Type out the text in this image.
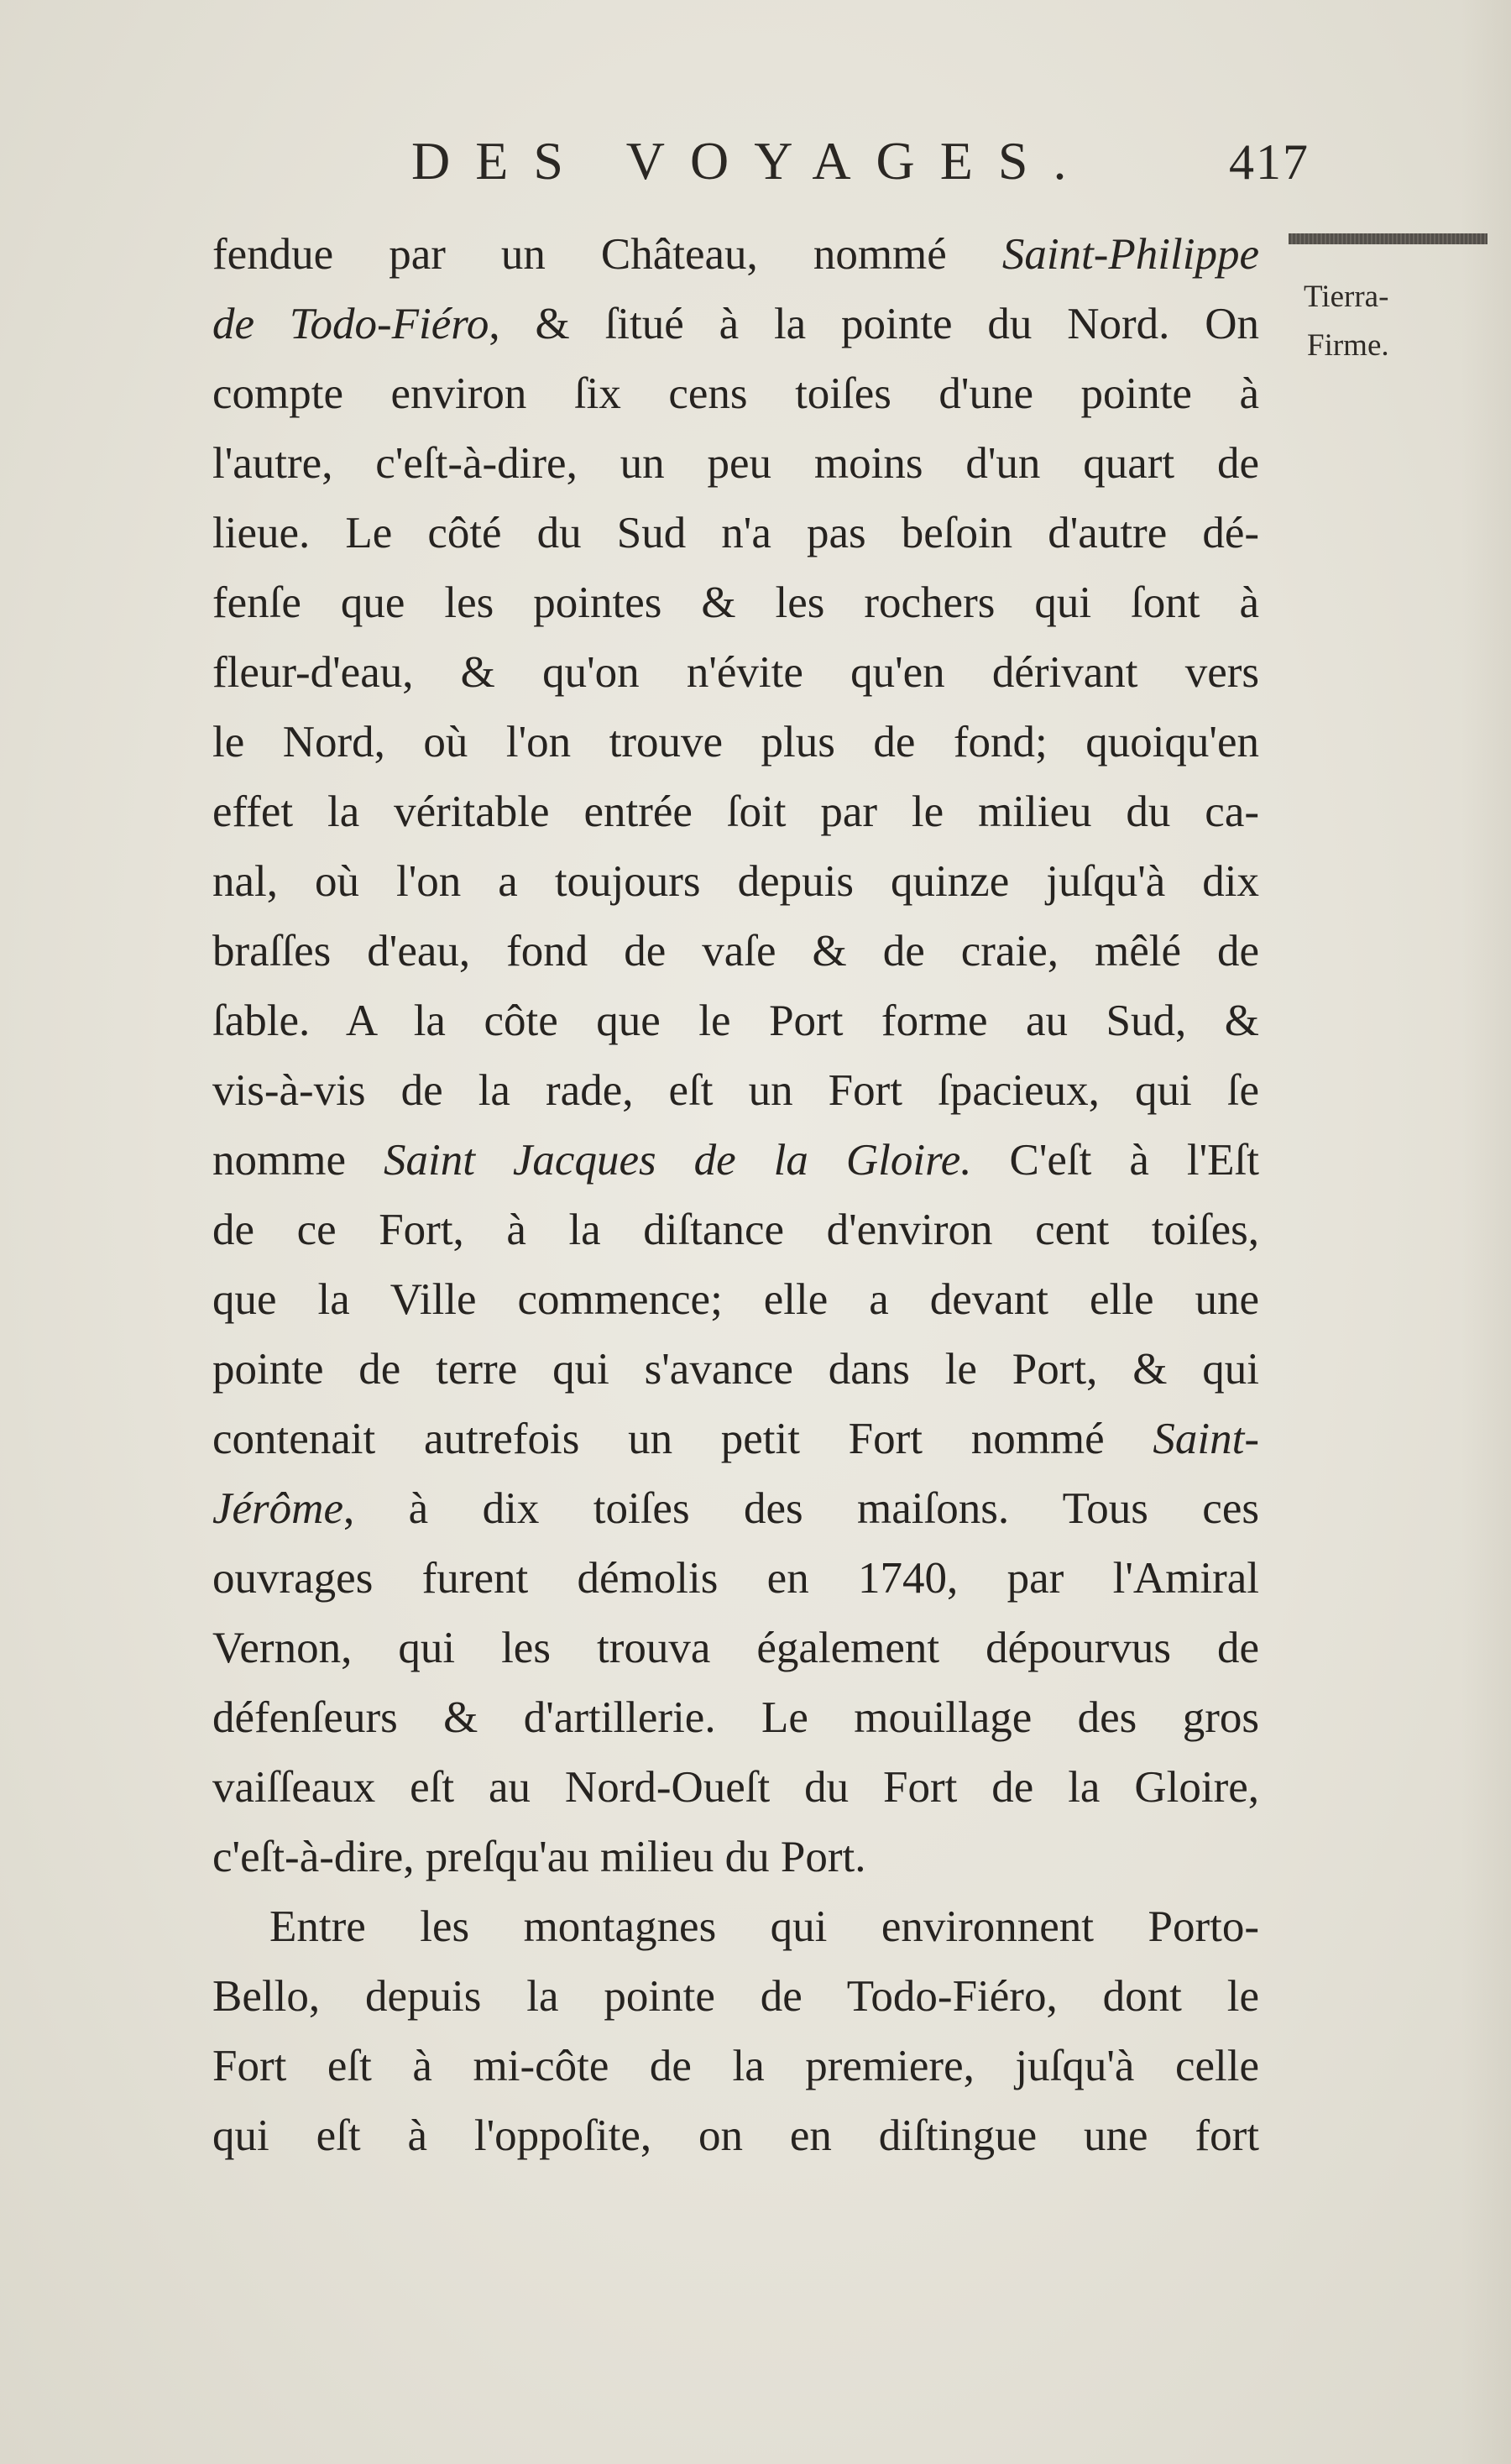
DES VOYAGES.	417
Tierra-
Firme.
fendue par un Château, nommé Saint-Philippe
de Todo-Fiéro, & ſitué à la pointe du Nord. On
compte environ ſix cens toiſes d'une pointe à
l'autre, c'eſt-à-dire, un peu moins d'un quart de
lieue. Le côté du Sud n'a pas beſoin d'autre dé-
fenſe que les pointes & les rochers qui ſont à
fleur-d'eau, & qu'on n'évite qu'en dérivant vers
le Nord, où l'on trouve plus de fond; quoiqu'en
effet la véritable entrée ſoit par le milieu du ca-
nal, où l'on a toujours depuis quinze juſqu'à dix
braſſes d'eau, fond de vaſe & de craie, mêlé de
ſable. A la côte que le Port forme au Sud, &
vis-à-vis de la rade, eſt un Fort ſpacieux, qui ſe
nomme Saint Jacques de la Gloire. C'eſt à l'Eſt
de ce Fort, à la diſtance d'environ cent toiſes,
que la Ville commence; elle a devant elle une
pointe de terre qui s'avance dans le Port, & qui
contenait autrefois un petit Fort nommé Saint-
Jérôme, à dix toiſes des maiſons. Tous ces
ouvrages furent démolis en 1740, par l'Amiral
Vernon, qui les trouva également dépourvus de
défenſeurs & d'artillerie. Le mouillage des gros
vaiſſeaux eſt au Nord-Oueſt du Fort de la Gloire,
c'eſt-à-dire, preſqu'au milieu du Port.
Entre les montagnes qui environnent Porto-
Bello, depuis la pointe de Todo-Fiéro, dont le
Fort eſt à mi-côte de la premiere, juſqu'à celle
qui eſt à l'oppoſite, on en diſtingue une fort
